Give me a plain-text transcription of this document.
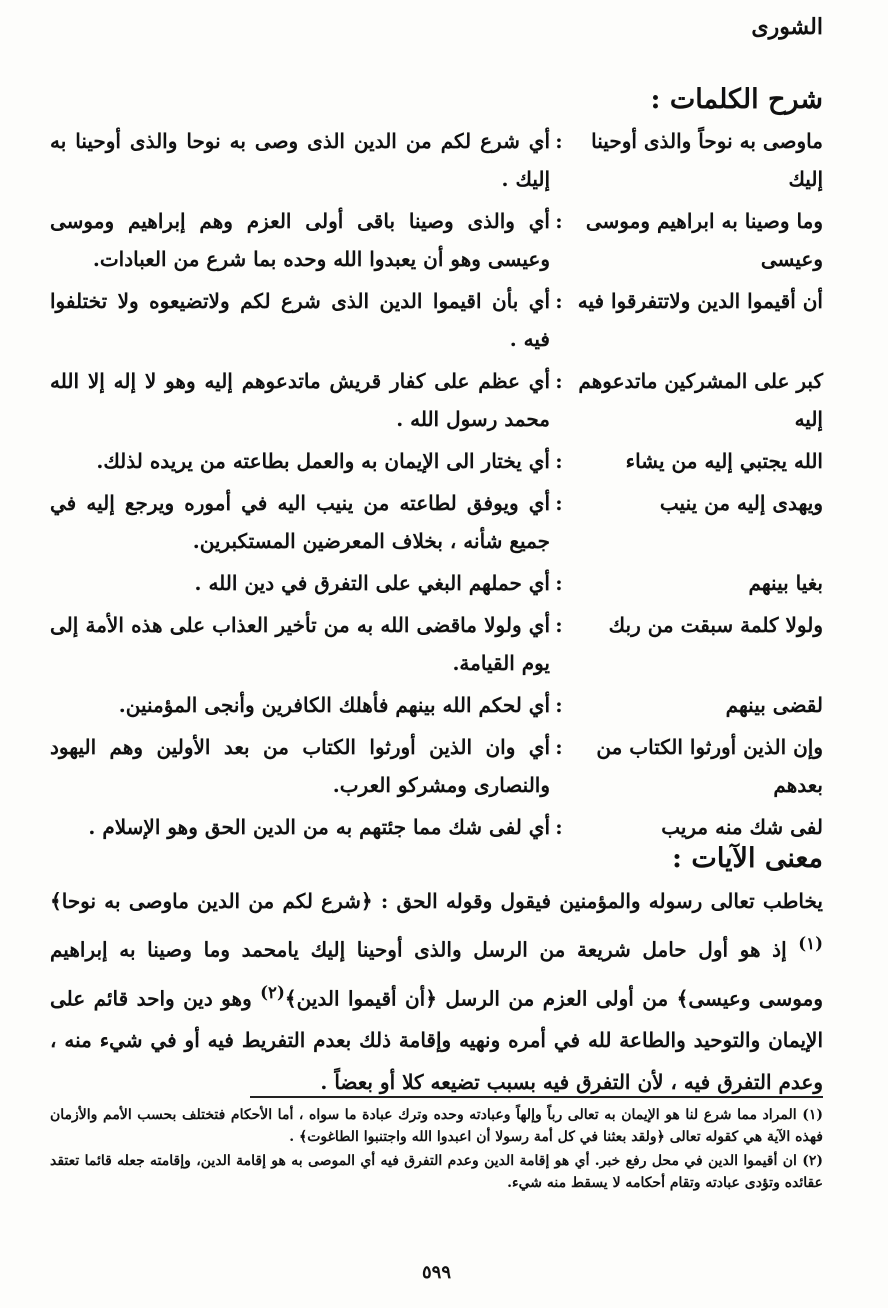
الشورى
شرح الكلمات :
ماوصى به نوحاً والذى أوحينا إليك
:
أي شرع لكم من الدين الذى وصى به نوحا والذى أوحينا به إليك .
وما وصينا به ابراهيم وموسى وعيسى
:
أي والذى وصينا باقى أولى العزم وهم إبراهيم وموسى وعيسى وهو أن يعبدوا الله وحده بما شرع من العبادات.
أن أقيموا الدين ولاتتفرقوا فيه
:
أي بأن اقيموا الدين الذى شرع لكم ولاتضيعوه ولا تختلفوا فيه .
كبر على المشركين ماتدعوهم إليه
:
أي عظم على كفار قريش ماتدعوهم إليه وهو لا إله إلا الله محمد رسول الله .
الله يجتبي إليه من يشاء
:
أي يختار الى الإيمان به والعمل بطاعته من يريده لذلك.
ويهدى إليه من ينيب
:
أي ويوفق لطاعته من ينيب اليه في أموره ويرجع إليه في جميع شأنه ، بخلاف المعرضين المستكبرين.
بغيا بينهم
:
أي حملهم البغي على التفرق في دين الله .
ولولا كلمة سبقت من ربك
:
أي ولولا ماقضى الله به من تأخير العذاب على هذه الأمة إلى يوم القيامة.
لقضى بينهم
:
أي لحكم الله بينهم فأهلك الكافرين وأنجى المؤمنين.
وإن الذين أورثوا الكتاب من بعدهم
:
أي وان الذين أورثوا الكتاب من بعد الأولين وهم اليهود والنصارى ومشركو العرب.
لفى شك منه مريب
:
أي لفى شك مما جئتهم به من الدين الحق وهو الإسلام .
معنى الآيات :
يخاطب تعالى رسوله والمؤمنين فيقول وقوله الحق : ﴿شرع لكم من الدين ماوصى به نوحا﴾$^{(١)}$ إذ هو أول حامل شريعة من الرسل والذى أوحينا إليك يامحمد وما وصينا به إبراهيم وموسى وعيسى﴾ من أولى العزم من الرسل ﴿أن أقيموا الدين﴾$^{(٢)}$ وهو دين واحد قائم على الإيمان والتوحيد والطاعة لله في أمره ونهيه وإقامة ذلك بعدم التفريط فيه أو في شيء منه ، وعدم التفرق فيه ، لأن التفرق فيه بسبب تضيعه كلا أو بعضاً .

(١) المراد مما شرع لنا هو الإيمان به تعالى رباً وإلهاً وعبادته وحده وترك عبادة ما سواه ، أما الأحكام فتختلف بحسب الأمم والأزمان فهذه الآية هي كقوله تعالى ﴿ولقد بعثنا في كل أمة رسولا أن اعبدوا الله واجتنبوا الطاغوت﴾ .

(٢) ان أقيموا الدين في محل رفع خبر. أي هو إقامة الدين وعدم التفرق فيه أي الموصى به هو إقامة الدين، وإقامته جعله قائما تعتقد عقائده وتؤدى عبادته وتقام أحكامه لا يسقط منه شيء.

٥٩٩
